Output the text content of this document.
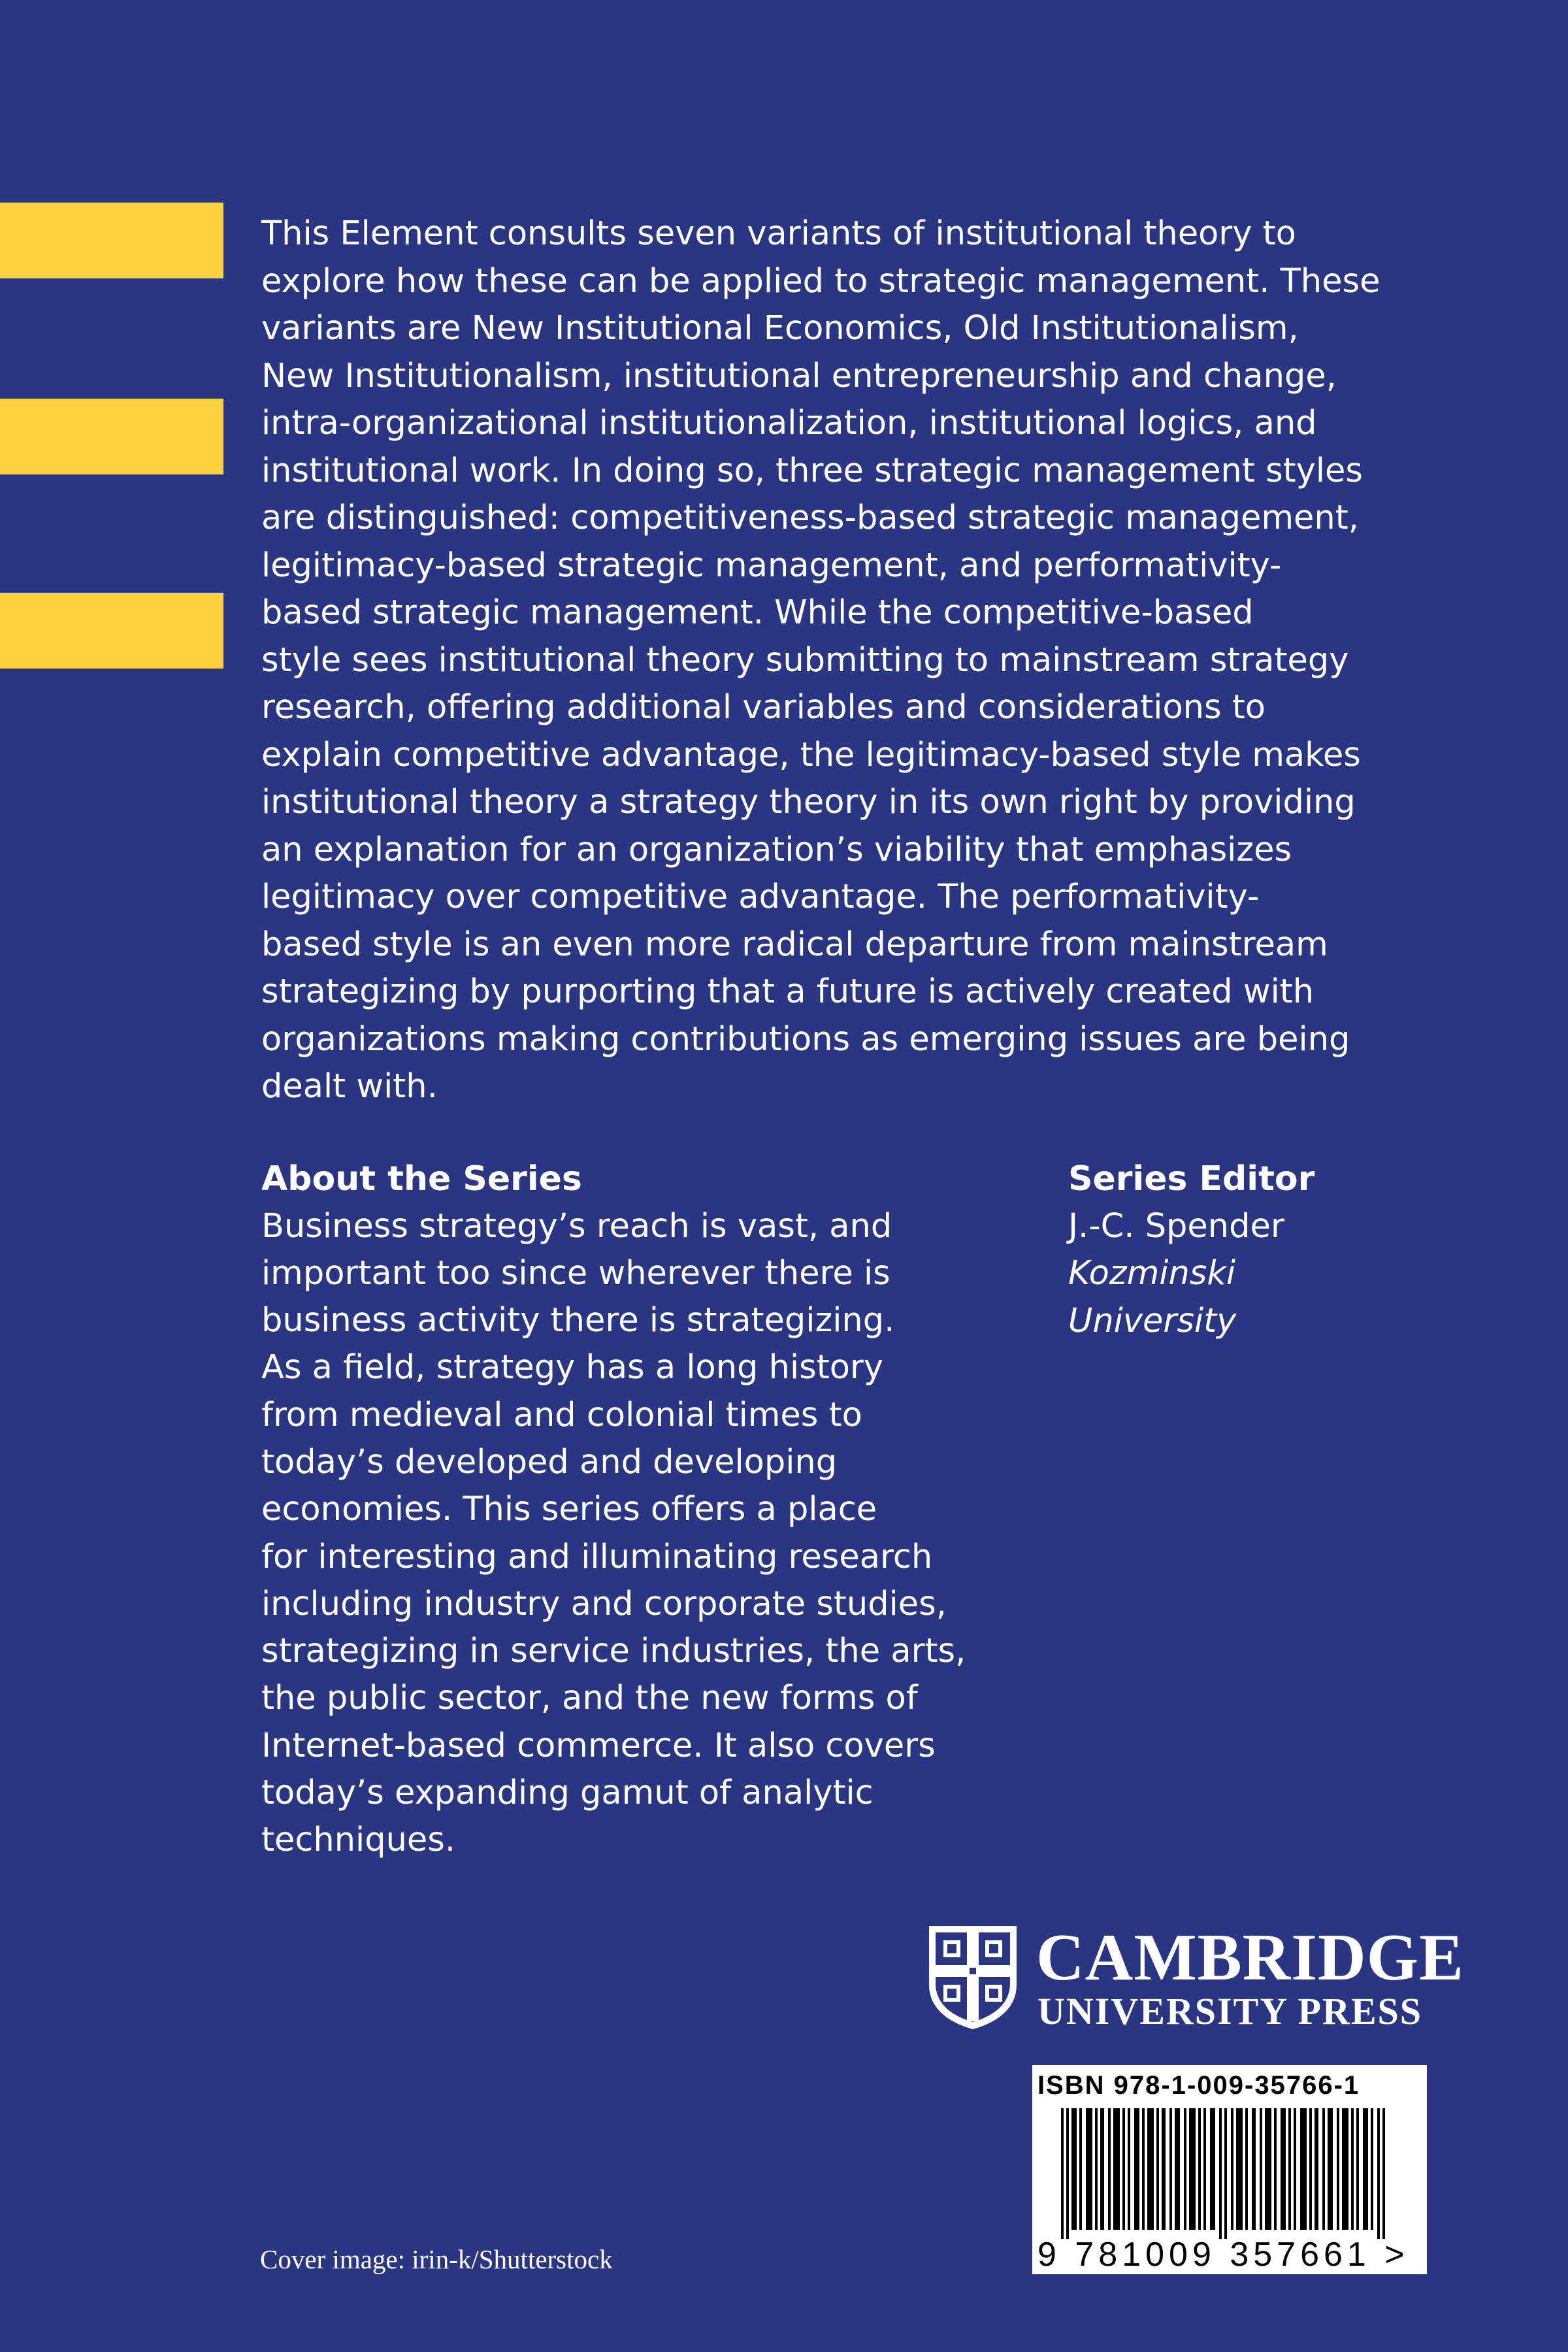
This Element consults seven variants of institutional theory to
explore how these can be applied to strategic management. These
variants are New Institutional Economics, Old Institutionalism,
New Institutionalism, institutional entrepreneurship and change,
intra-organizational institutionalization, institutional logics, and
institutional work. In doing so, three strategic management styles
are distinguished: competitiveness-based strategic management,
legitimacy-based strategic management, and performativity-
based strategic management. While the competitive-based
style sees institutional theory submitting to mainstream strategy
research, offering additional variables and considerations to
explain competitive advantage, the legitimacy-based style makes
institutional theory a strategy theory in its own right by providing
an explanation for an organization’s viability that emphasizes
legitimacy over competitive advantage. The performativity-
based style is an even more radical departure from mainstream
strategizing by purporting that a future is actively created with
organizations making contributions as emerging issues are being
dealt with.

About the Series

Business strategy’s reach is vast, and
important too since wherever there is
business activity there is strategizing.
As a field, strategy has a long history
from medieval and colonial times to
today’s developed and developing
economies. This series offers a place
for interesting and illuminating research
including industry and corporate studies,
strategizing in service industries, the arts,
the public sector, and the new forms of
Internet-based commerce. It also covers
today’s expanding gamut of analytic
techniques.

Series Editor

J.-C. Spender

Kozminski

University

CAMBRIDGE
UNIVERSITY PRESS
ISBN 978-1-009-35766-1
9 781009 357661 >
Cover image: irin-k/Shutterstock
